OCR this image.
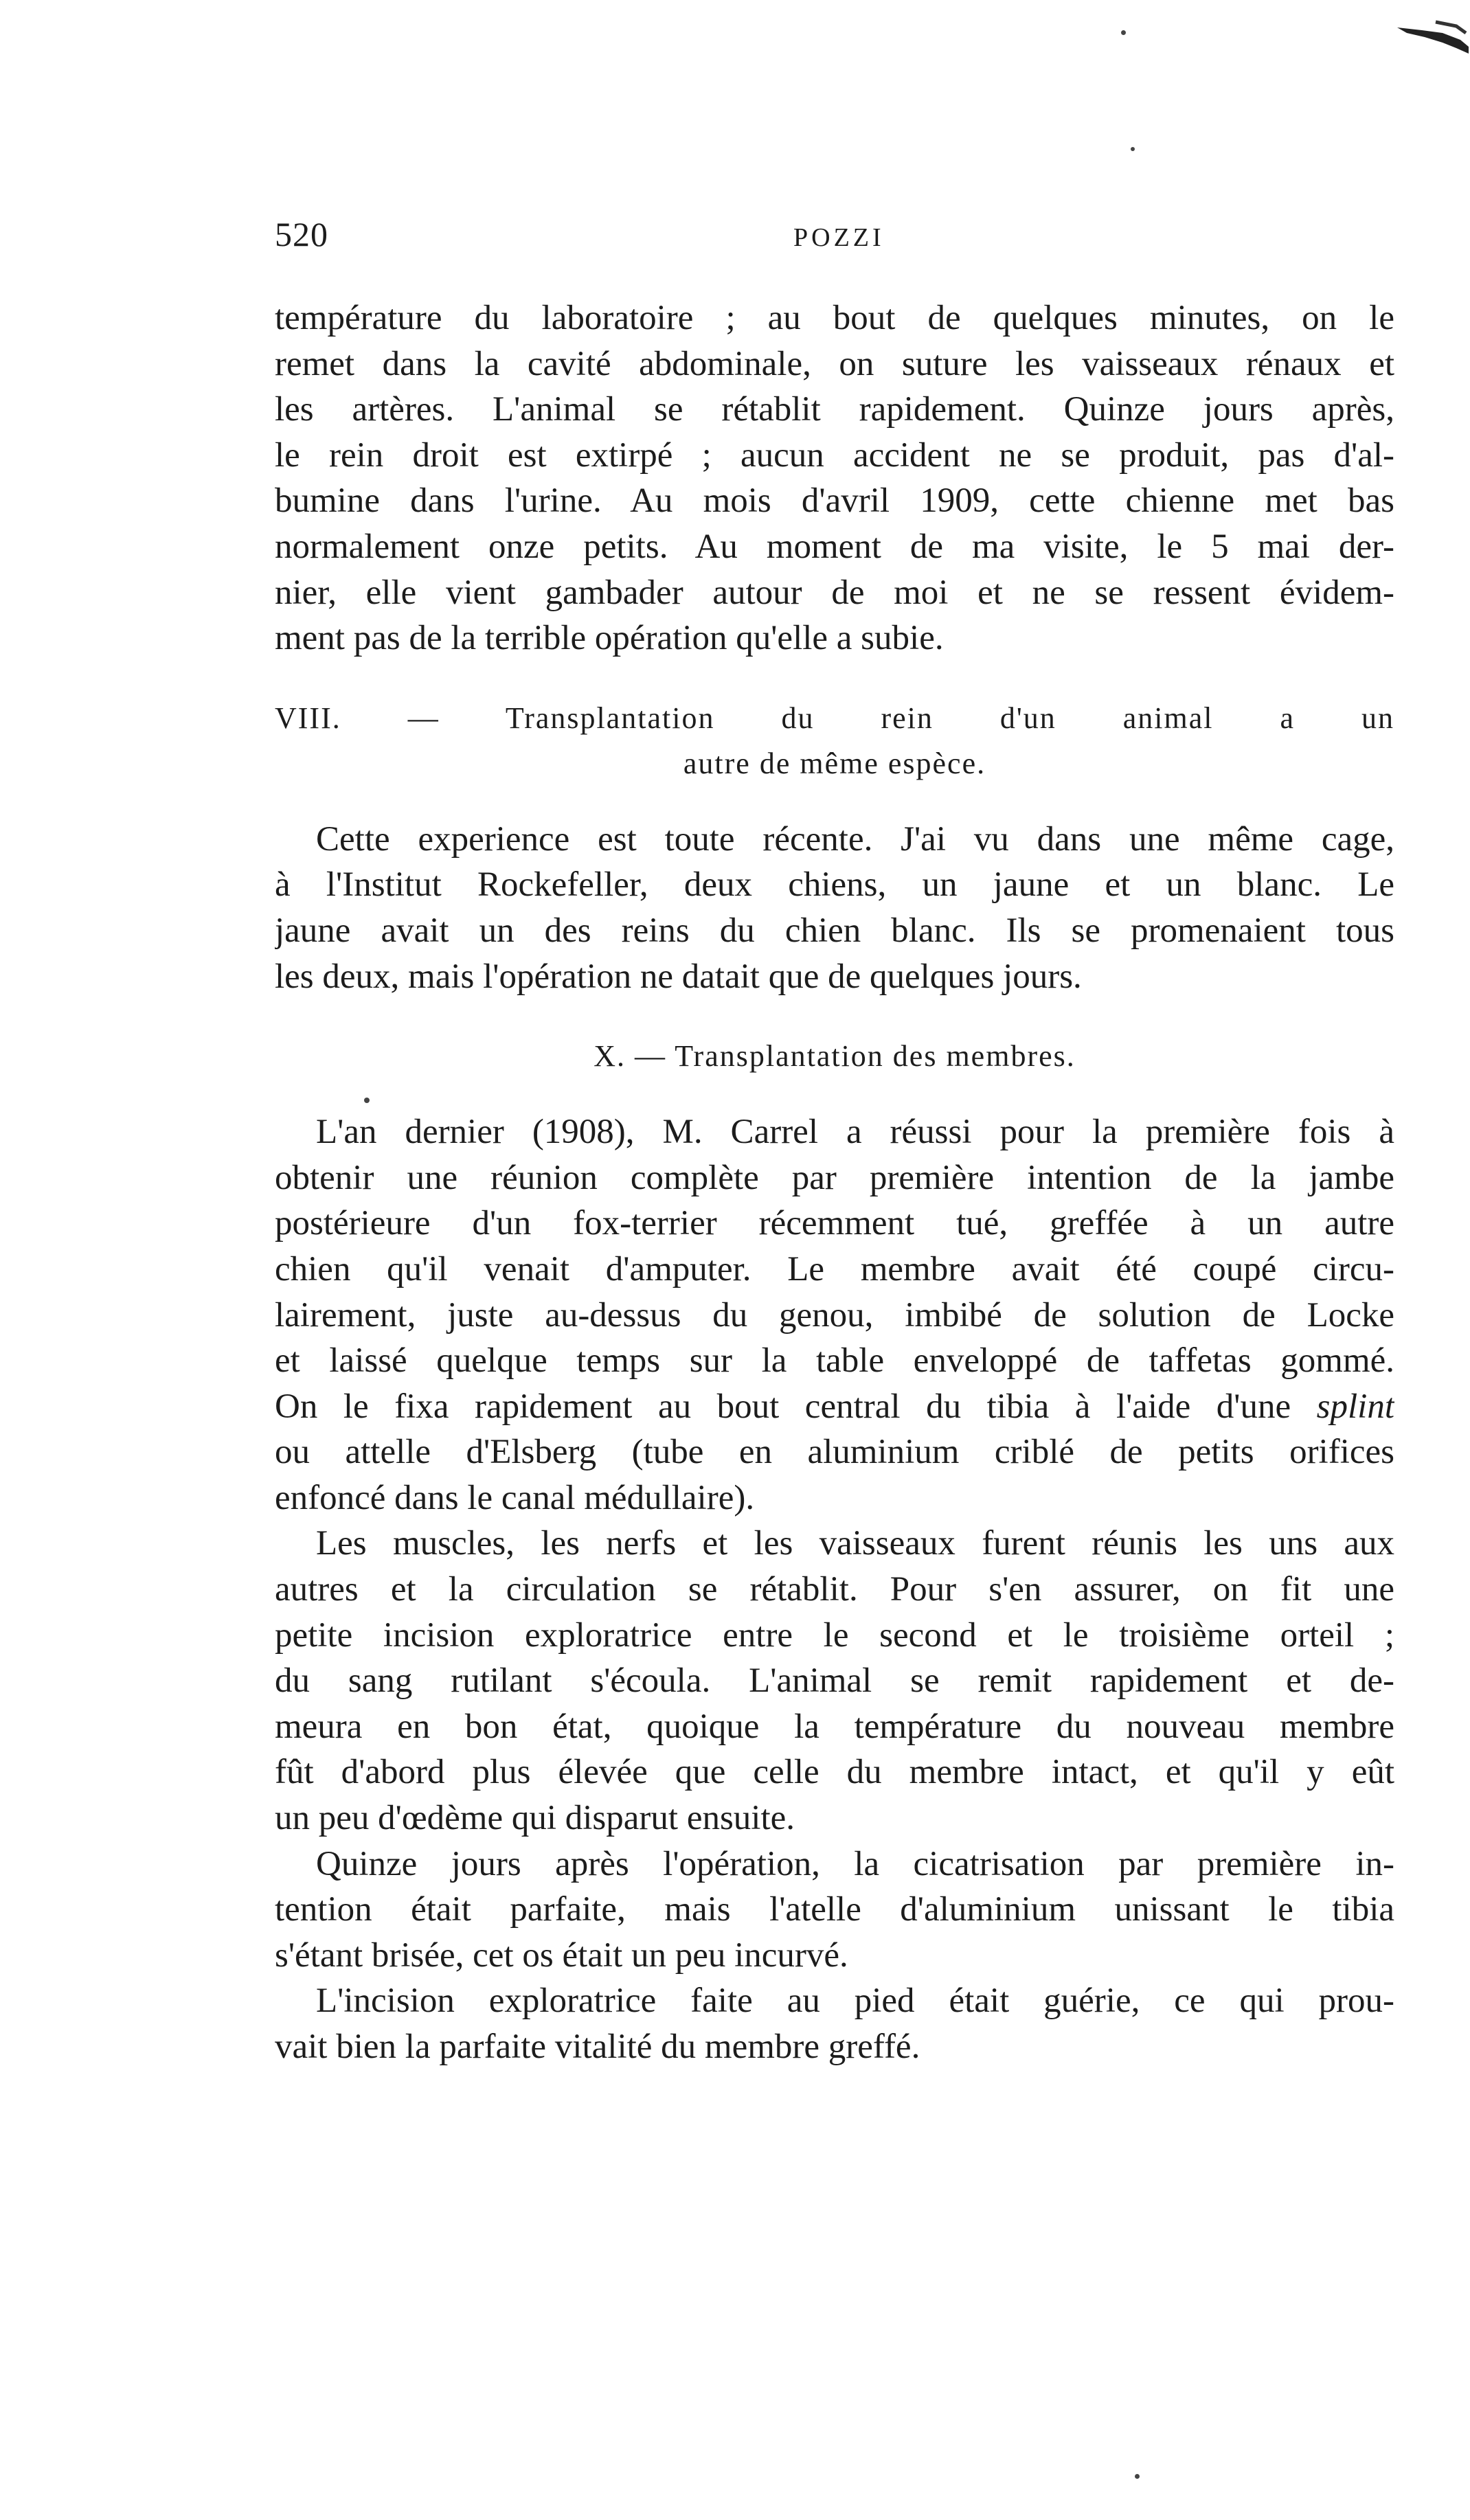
520	POZZI
température du laboratoire ; au bout de quelques minutes, on le
remet dans la cavité abdominale, on suture les vaisseaux rénaux et
les artères. L'animal se rétablit rapidement. Quinze jours après,
le rein droit est extirpé ; aucun accident ne se produit, pas d'al-
bumine dans l'urine. Au mois d'avril 1909, cette chienne met bas
normalement onze petits. Au moment de ma visite, le 5 mai der-
nier, elle vient gambader autour de moi et ne se ressent évidem-
ment pas de la terrible opération qu'elle a subie.
VIII. — Transplantation du rein d'un animal a un
autre de même espèce.
Cette experience est toute récente. J'ai vu dans une même cage,
à l'Institut Rockefeller, deux chiens, un jaune et un blanc. Le
jaune avait un des reins du chien blanc. Ils se promenaient tous
les deux, mais l'opération ne datait que de quelques jours.
X. — Transplantation des membres.
L'an dernier (1908), M. Carrel a réussi pour la première fois à
obtenir une réunion complète par première intention de la jambe
postérieure d'un fox-terrier récemment tué, greffée à un autre
chien qu'il venait d'amputer. Le membre avait été coupé circu-
lairement, juste au-dessus du genou, imbibé de solution de Locke
et laissé quelque temps sur la table enveloppé de taffetas gommé.
On le fixa rapidement au bout central du tibia à l'aide d'une splint
ou attelle d'Elsberg (tube en aluminium criblé de petits orifices
enfoncé dans le canal médullaire).
Les muscles, les nerfs et les vaisseaux furent réunis les uns aux
autres et la circulation se rétablit. Pour s'en assurer, on fit une
petite incision exploratrice entre le second et le troisième orteil ;
du sang rutilant s'écoula. L'animal se remit rapidement et de-
meura en bon état, quoique la température du nouveau membre
fût d'abord plus élevée que celle du membre intact, et qu'il y eût
un peu d'œdème qui disparut ensuite.
Quinze jours après l'opération, la cicatrisation par première in-
tention était parfaite, mais l'atelle d'aluminium unissant le tibia
s'étant brisée, cet os était un peu incurvé.
L'incision exploratrice faite au pied était guérie, ce qui prou-
vait bien la parfaite vitalité du membre greffé.
